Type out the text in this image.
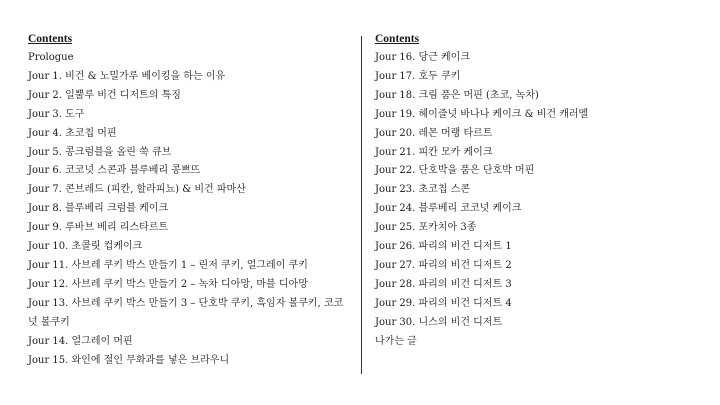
Contents
Prologue
Jour 1. 비건 & 노밀가루 베이킹을 하는 이유
Jour 2. 일뿔루 비건 디저트의 특징
Jour 3. 도구
Jour 4. 초코칩 머핀
Jour 5. 콩크럼블을 올린 쑥 큐브
Jour 6. 코코넛 스콘과 블루베리 콩쁘뜨
Jour 7. 콘브레드 (피칸, 할라피뇨) & 비건 파마산
Jour 8. 블루베리 크럼블 케이크
Jour 9. 루바브 베리 리스타르트
Jour 10. 초콜릿 컵케이크
Jour 11. 사브레 쿠키 박스 만들기 1 – 린저 쿠키, 얼그레이 쿠키
Jour 12. 사브레 쿠키 박스 만들기 2 – 녹차 디아망, 마블 디아망
Jour 13. 사브레 쿠키 박스 만들기 3 – 단호박 쿠키, 흑임자 볼쿠키, 코코넛 볼쿠키
Jour 14. 얼그레이 머핀
Jour 15. 와인에 절인 무화과를 넣은 브라우니
Contents
Jour 16. 당근 케이크
Jour 17. 호두 쿠키
Jour 18. 크림 품은 머핀 (초코, 녹차)
Jour 19. 헤이즐넛 바나나 케이크 & 비건 캐러멜
Jour 20. 레몬 머랭 타르트
Jour 21. 피칸 모카 케이크
Jour 22. 단호박을 품은 단호박 머핀
Jour 23. 초코칩 스콘
Jour 24. 블루베리 코코넛 케이크
Jour 25. 포카치아 3종
Jour 26. 파리의 비건 디저트 1
Jour 27. 파리의 비건 디저트 2
Jour 28. 파리의 비건 디저트 3
Jour 29. 파리의 비건 디저트 4
Jour 30. 니스의 비건 디저트
나가는 글
